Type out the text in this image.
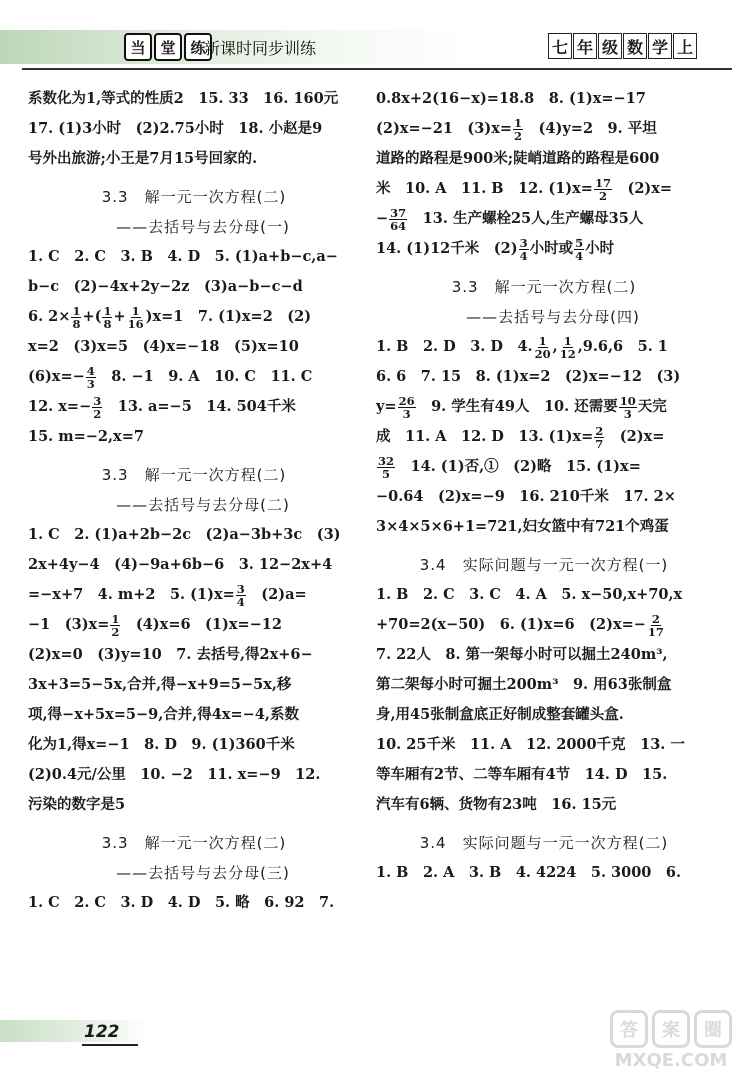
当 堂 练
新课时同步训练	七 年 级 数 学 上
系数化为1,等式的性质2　15. 33　16. 160元
17. (1)3小时　(2)2.75小时　18. 小赵是9
号外出旅游;小王是7月15号回家的.
3.3　解一元一次方程(二)
——去括号与去分母(一)
1. C　2. C　3. B　4. D　5. (1)a+b−c,a−
b−c　(2)−4x+2y−2z　(3)a−b−c−d
6. $2\times \frac{1}{8}$ +( $\frac{1}{8} + \frac{1}{16} )x=1$　7. (1)x=2　(2)
x=2　(3)x=5　(4)x=−18　(5)x=10
$(6)x=- \frac{4}{3}$ 　8. −1　9. A　10. C　11. C
12. $x=- \frac{3}{2}$ 　13. a=−5　14. 504千米
15. m=−2,x=7
3.3　解一元一次方程(二)
——去括号与去分母(二)
1. C　2. (1)a+2b−2c　(2)a−3b+3c　(3)
2x+4y−4　(4)−9a+6b−6　3. 12−2x+4
=−x+7　4. m+2　5. $(1)x= \frac{3}{4}$ 　(2)a=
−1　$(3)x= \frac{1}{2}$ 　(4)x=6　(1)x=−12
(2)x=0　(3)y=10　7. 去括号,得2x+6−
3x+3=5−5x,合并,得−x+9=5−5x,移
项,得−x+5x=5−9,合并,得4x=−4,系数
化为1,得x=−1　8. D　9. (1)360千米
(2)0.4元/公里　10. −2　11. x=−9　12.
污染的数字是5
3.3　解一元一次方程(二)
——去括号与去分母(三)
1. C　2. C　3. D　4. D　5. 略　6. 92　7.
0.8x+2(16−x)=18.8　8. (1)x=−17
(2)x=−21　$(3)x= \frac{1}{2}$ 　(4)y=2　9. 平坦
道路的路程是900米;陡峭道路的路程是600
米　10. A　11. B　12. $(1)x= \frac{17}{2}$ 　(2)x=
− $\frac{37}{64}$ 　13. 生产螺栓25人,生产螺母35人
14. (1)12千米　$(2) \frac{3}{4}$ 小时或 $\frac{5}{4}$ 小时
3.3　解一元一次方程(二)
——去括号与去分母(四)
1. B　2. D　3. D　4. $\frac{1}{20}$ , $\frac{1}{12} ,9.6,6$　5. 1
6. 6　7. 15　8. (1)x=2　(2)x=−12　(3)
$y= \frac{26}{3}$ 　9. 学生有49人　10. 还需要 $\frac{10}{3}$ 天完
成　11. A　12. D　13. $(1)x= \frac{2}{7}$ 　(2)x=
$\frac{32}{5}$ 　14. (1)否,①　(2)略　15. (1)x=
−0.64　(2)x=−9　16. 210千米　17. 2×
3×4×5×6+1=721,妇女篮中有721个鸡蛋
3.4　实际问题与一元一次方程(一)
1. B　2. C　3. C　4. A　5. x−50,x+70,x
+70=2(x−50)　6. (1)x=6　$(2)x=- \frac{2}{17}$
7. 22人　8. 第一架每小时可以掘土240m³,
第二架每小时可掘土200m³　9. 用63张制盒
身,用45张制盒底正好制成整套罐头盒.
10. 25千米　11. A　12. 2000千克　13. 一
等车厢有2节、二等车厢有4节　14. D　15.
汽车有6辆、货物有23吨　16. 15元
3.4　实际问题与一元一次方程(二)
1. B　2. A　3. B　4. 4224　5. 3000　6.
122	答	案	圈
MXQE.COM
